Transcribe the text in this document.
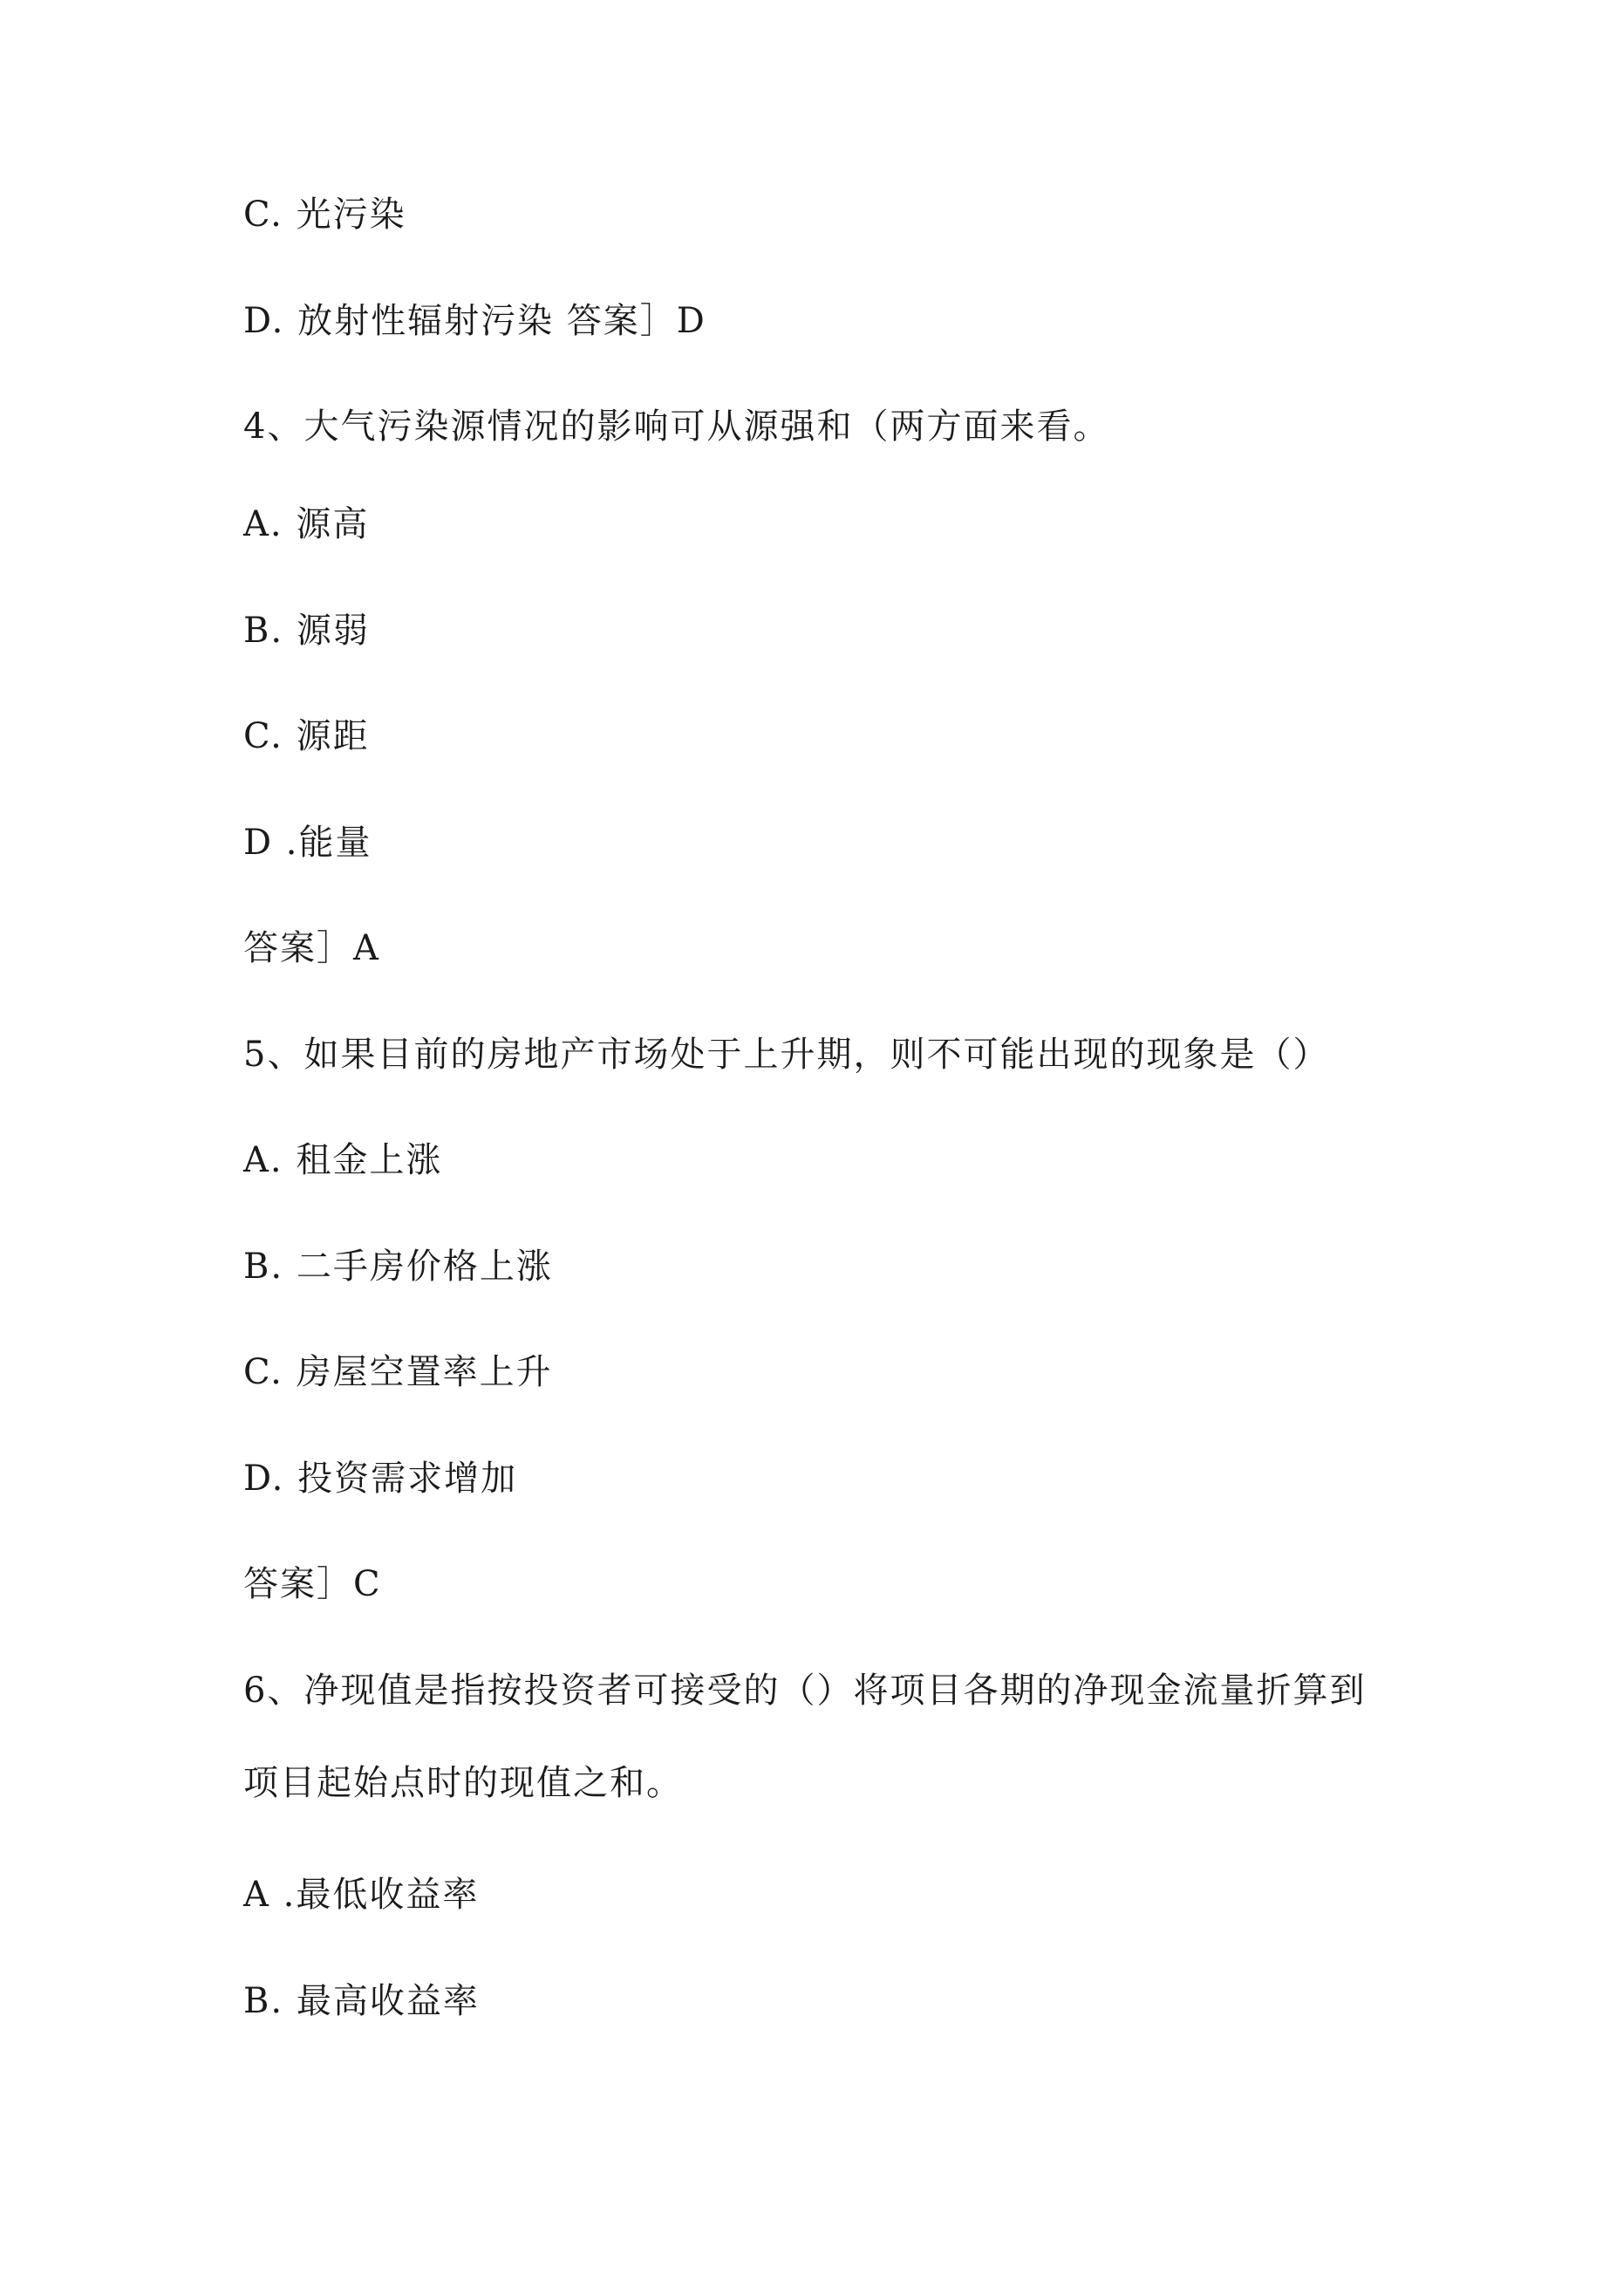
C. 光污染

D. 放射性辐射污染 答案］D

4、大气污染源情况的影响可从源强和（两方面来看。

A. 源高

B. 源弱

C. 源距

D .能量

答案］A

5、如果目前的房地产市场处于上升期，则不可能出现的现象是（）

A. 租金上涨

B. 二手房价格上涨

C. 房屋空置率上升

D. 投资需求增加

答案］C

6、净现值是指按投资者可接受的（）将项目各期的净现金流量折算到

项目起始点时的现值之和。

A .最低收益率

B. 最高收益率
